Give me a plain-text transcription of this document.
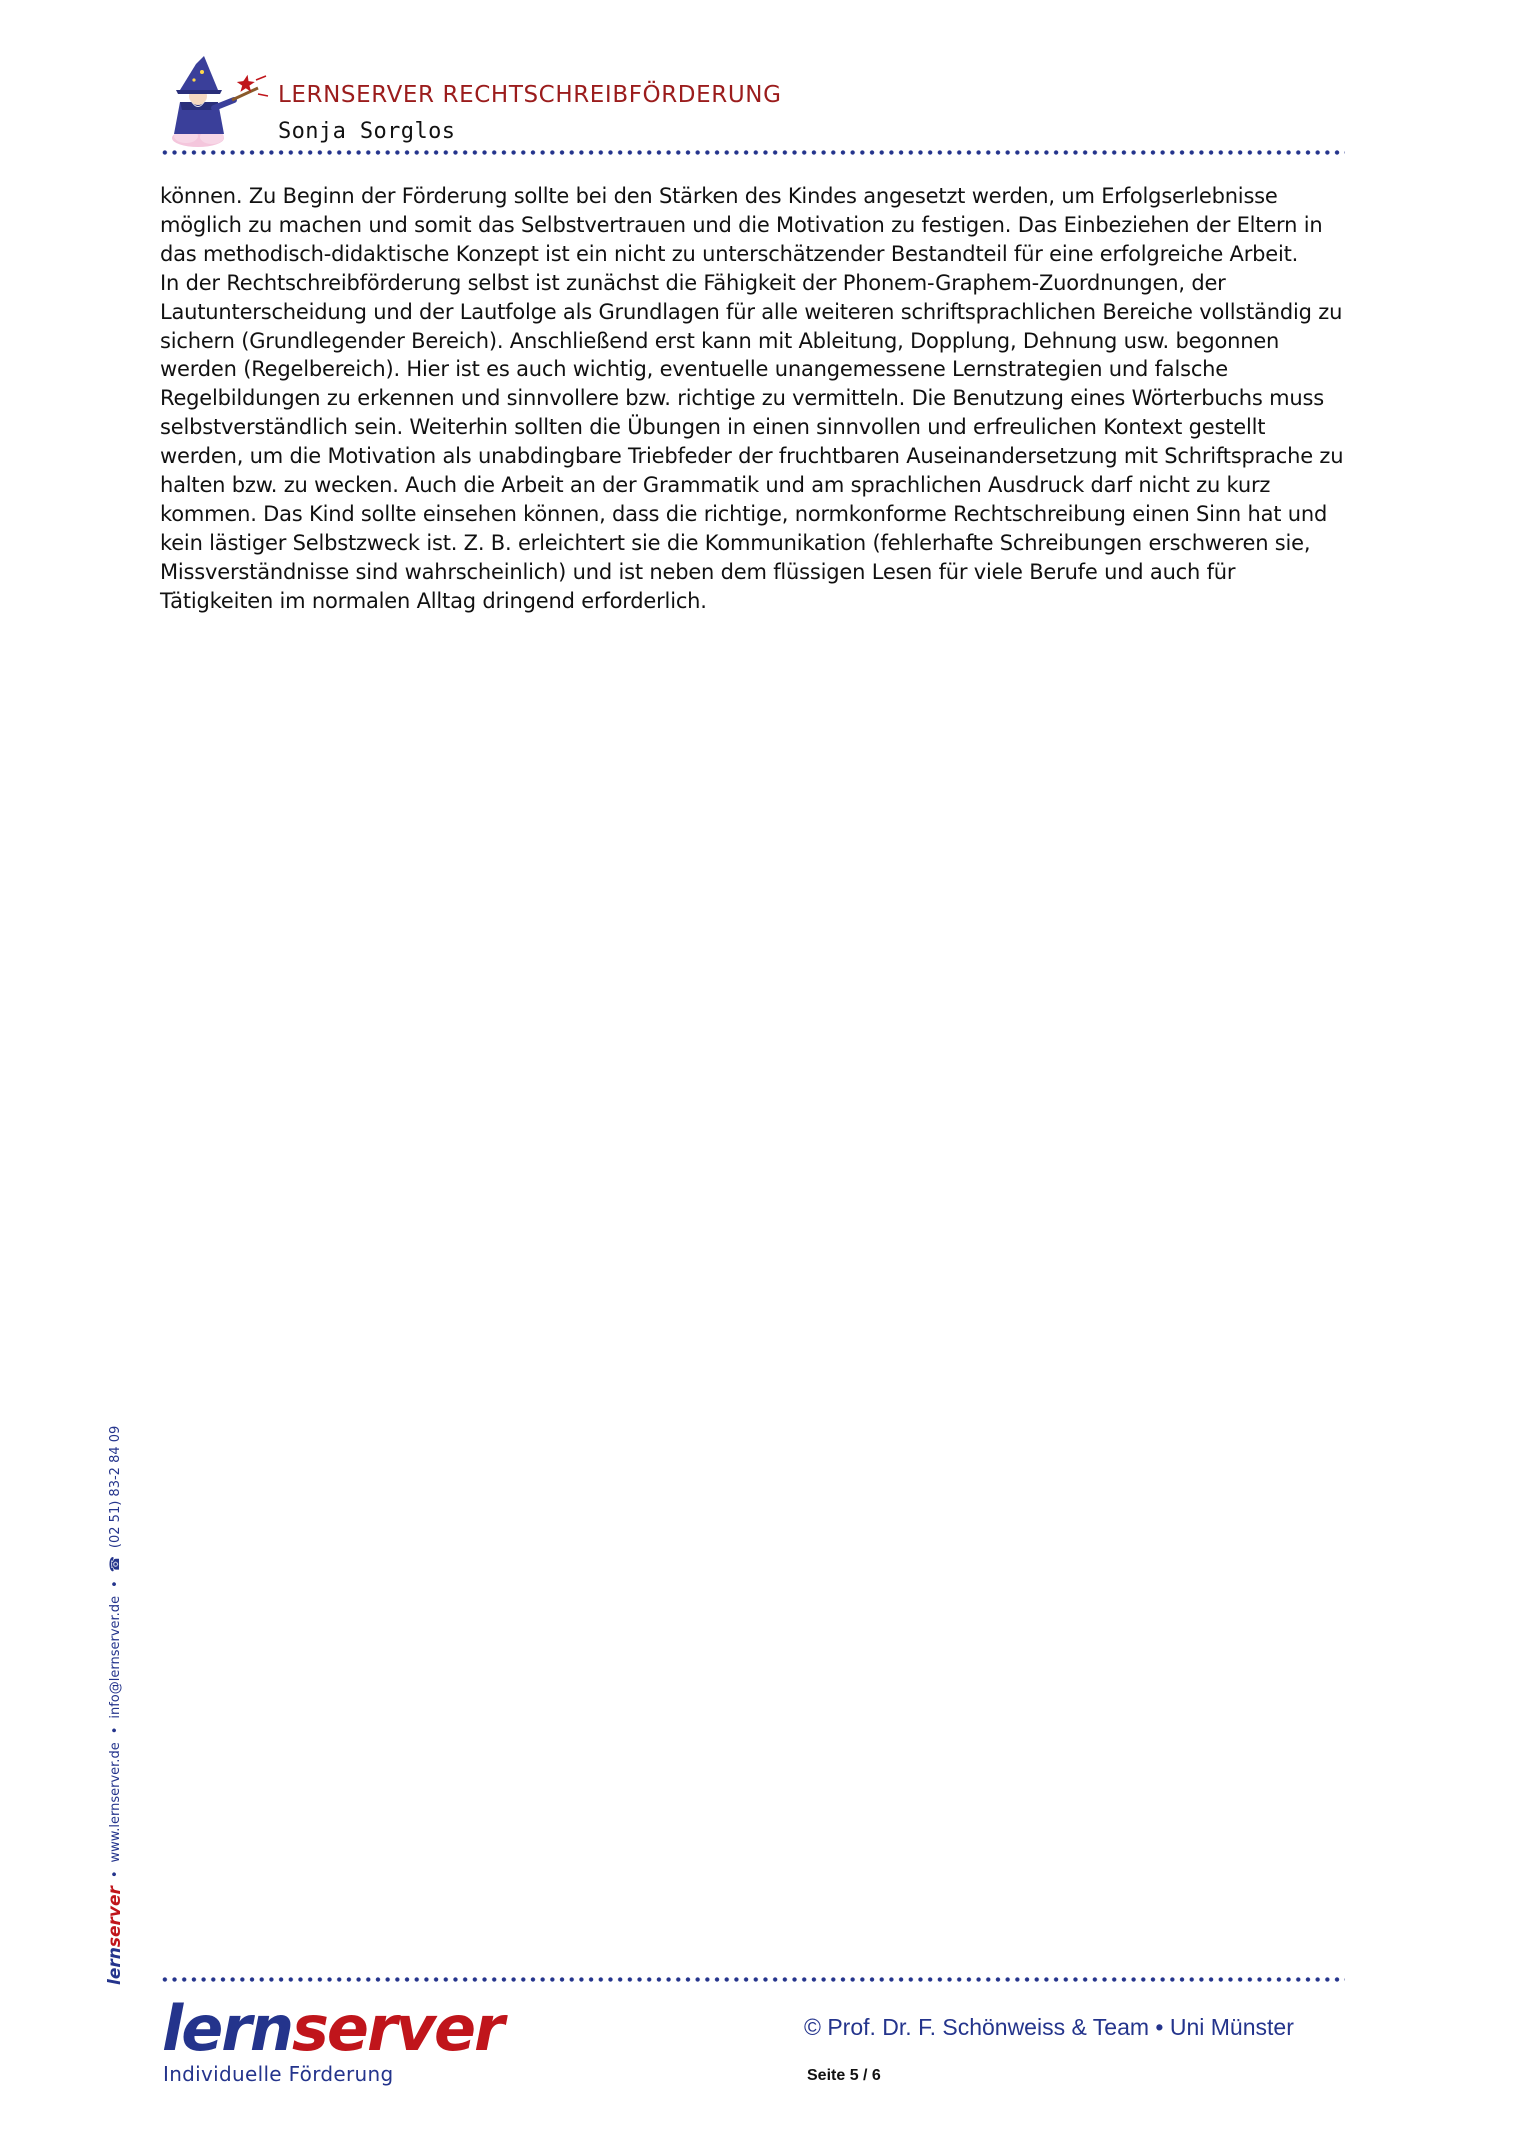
LERNSERVER RECHTSCHREIBFÖRDERUNG
Sonja Sorglos
können. Zu Beginn der Förderung sollte bei den Stärken des Kindes angesetzt werden, um Erfolgserlebnisse
möglich zu machen und somit das Selbstvertrauen und die Motivation zu festigen. Das Einbeziehen der Eltern in
das methodisch-didaktische Konzept ist ein nicht zu unterschätzender Bestandteil für eine erfolgreiche Arbeit.
In der Rechtschreibförderung selbst ist zunächst die Fähigkeit der Phonem-Graphem-Zuordnungen, der
Lautunterscheidung und der Lautfolge als Grundlagen für alle weiteren schriftsprachlichen Bereiche vollständig zu
sichern (Grundlegender Bereich). Anschließend erst kann mit Ableitung, Dopplung, Dehnung usw. begonnen
werden (Regelbereich). Hier ist es auch wichtig, eventuelle unangemessene Lernstrategien und falsche
Regelbildungen zu erkennen und sinnvollere bzw. richtige zu vermitteln. Die Benutzung eines Wörterbuchs muss
selbstverständlich sein. Weiterhin sollten die Übungen in einen sinnvollen und erfreulichen Kontext gestellt
werden, um die Motivation als unabdingbare Triebfeder der fruchtbaren Auseinandersetzung mit Schriftsprache zu
halten bzw. zu wecken. Auch die Arbeit an der Grammatik und am sprachlichen Ausdruck darf nicht zu kurz
kommen. Das Kind sollte einsehen können, dass die richtige, normkonforme Rechtschreibung einen Sinn hat und
kein lästiger Selbstzweck ist. Z. B. erleichtert sie die Kommunikation (fehlerhafte Schreibungen erschweren sie,
Missverständnisse sind wahrscheinlich) und ist neben dem flüssigen Lesen für viele Berufe und auch für
Tätigkeiten im normalen Alltag dringend erforderlich.
lernserver
•
www.lernserver.de
•
info@lernserver.de
•
☎
(02 51) 83-2 84 09
lernserver
Individuelle Förderung
© Prof. Dr. F. Schönweiss & Team • Uni Münster
Seite 5 / 6
